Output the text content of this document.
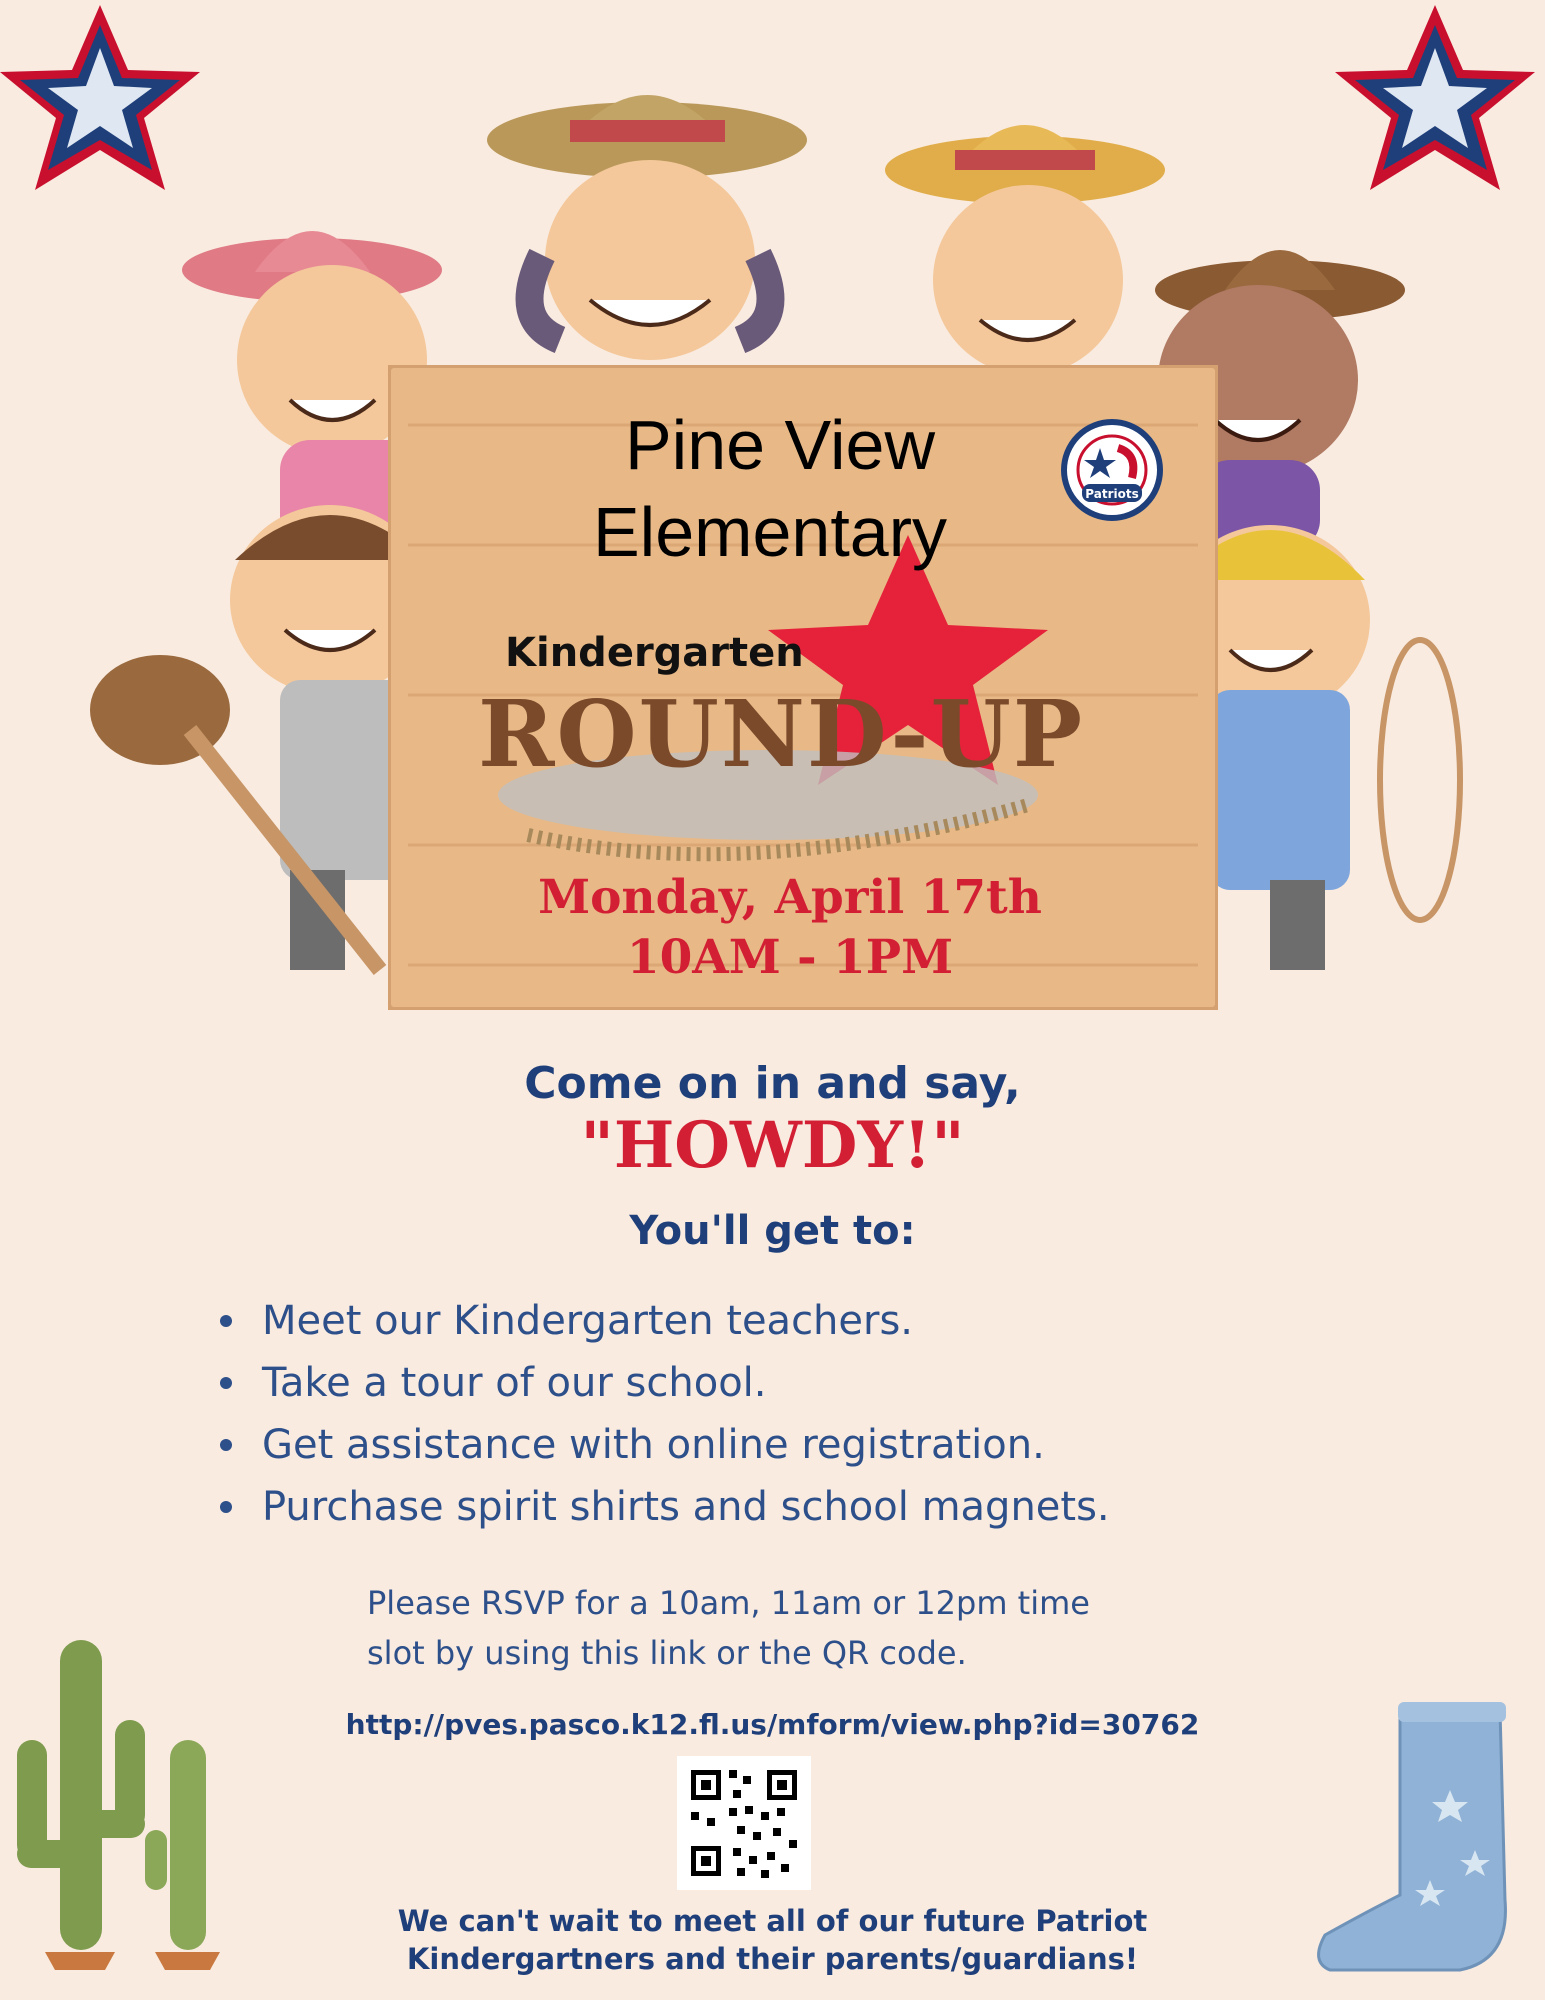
Patriots
Pine View
Elementary
Kindergarten
ROUND-UP
Monday, April 17th
10AM - 1PM
Come on in and say,
"HOWDY!"
You'll get to:
Meet our Kindergarten teachers.
Take a tour of our school.
Get assistance with online registration.
Purchase spirit shirts and school magnets.
Please RSVP for a 10am, 11am or 12pm time
slot by using this link or the QR code.
http://pves.pasco.k12.fl.us/mform/view.php?id=30762
We can't wait to meet all of our future Patriot
Kindergartners and their parents/guardians!
